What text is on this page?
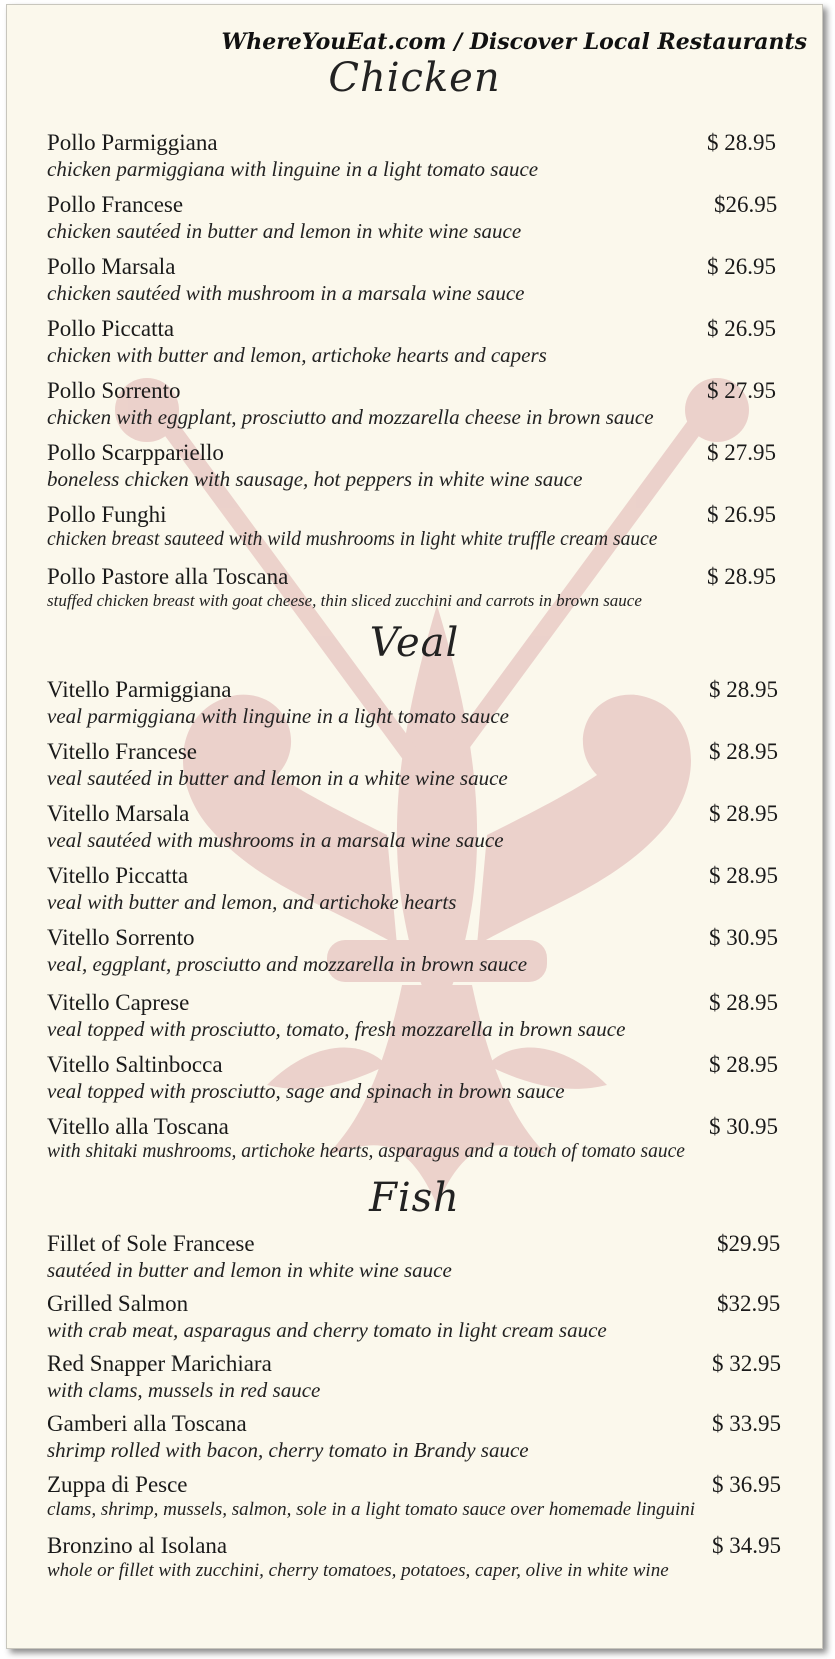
WhereYouEat.com / Discover Local Restaurants
Chicken
Pollo Parmiggiana	$ 28.95
chicken parmiggiana with linguine in a light tomato sauce
Pollo Francese	$26.95
chicken sautéed in butter and lemon in white wine sauce
Pollo Marsala	$ 26.95
chicken sautéed with mushroom in a marsala wine sauce
Pollo Piccatta	$ 26.95
chicken with butter and lemon, artichoke hearts and capers
Pollo Sorrento	$ 27.95
chicken with eggplant, prosciutto and mozzarella cheese in brown sauce
Pollo Scarppariello	$ 27.95
boneless chicken with sausage, hot peppers in white wine sauce
Pollo Funghi	$ 26.95
chicken breast sauteed with wild mushrooms in light white truffle cream sauce
Pollo Pastore alla Toscana	$ 28.95
stuffed chicken breast with goat cheese, thin sliced zucchini and carrots in brown sauce
Veal
Vitello Parmiggiana	$ 28.95
veal parmiggiana with linguine in a light tomato sauce
Vitello Francese	$ 28.95
veal sautéed in butter and lemon in a white wine sauce
Vitello Marsala	$ 28.95
veal sautéed with mushrooms in a marsala wine sauce
Vitello Piccatta	$ 28.95
veal with butter and lemon, and artichoke hearts
Vitello Sorrento	$ 30.95
veal, eggplant, prosciutto and mozzarella in brown sauce
Vitello Caprese	$ 28.95
veal topped with prosciutto, tomato, fresh mozzarella in brown sauce
Vitello Saltinbocca	$ 28.95
veal topped with prosciutto, sage and spinach in brown sauce
Vitello alla Toscana	$ 30.95
with shitaki mushrooms, artichoke hearts, asparagus and a touch of tomato sauce
Fish
Fillet of Sole Francese	$29.95
sautéed in butter and lemon in white wine sauce
Grilled Salmon	$32.95
with crab meat, asparagus and cherry tomato in light cream sauce
Red Snapper Marichiara	$ 32.95
with clams, mussels in red sauce
Gamberi alla Toscana	$ 33.95
shrimp rolled with bacon, cherry tomato in Brandy sauce
Zuppa di Pesce	$ 36.95
clams, shrimp, mussels, salmon, sole in a light tomato sauce over homemade linguini
Bronzino al Isolana	$ 34.95
whole or fillet with zucchini, cherry tomatoes, potatoes, caper, olive in white wine
